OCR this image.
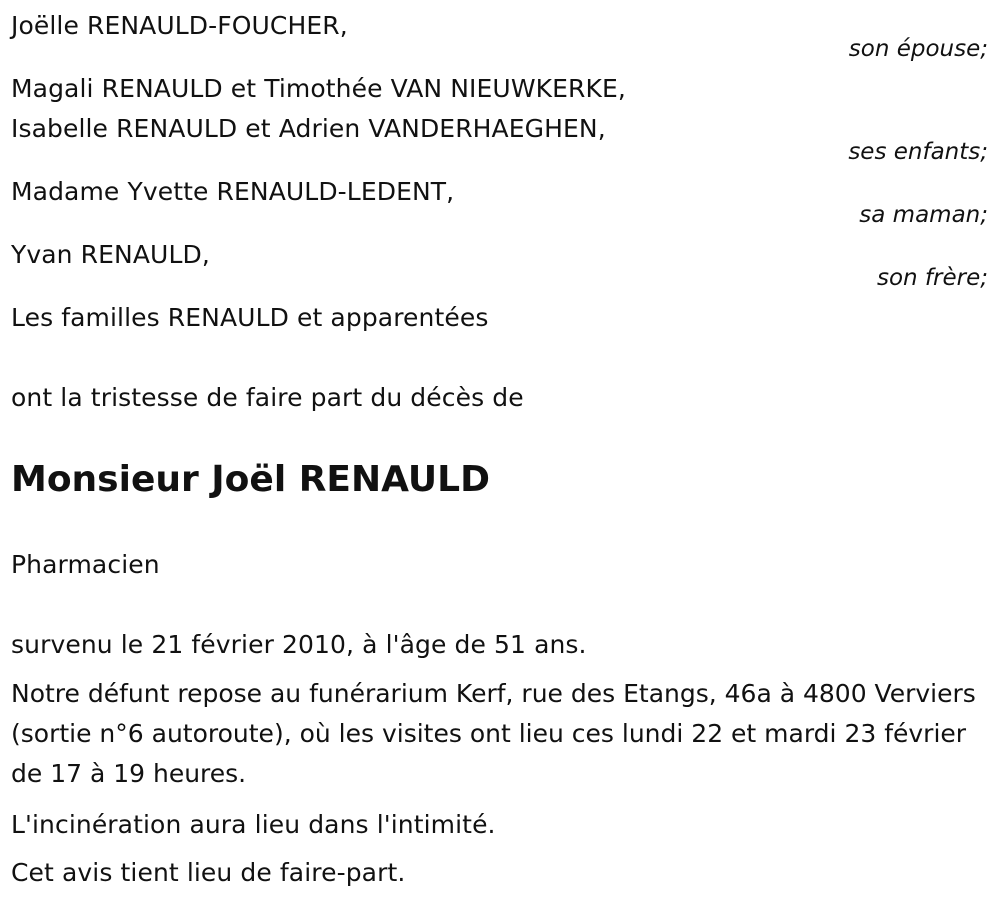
Joëlle RENAULD-FOUCHER,
son épouse;
Magali RENAULD et Timothée VAN NIEUWKERKE,
Isabelle RENAULD et Adrien VANDERHAEGHEN,
ses enfants;
Madame Yvette RENAULD-LEDENT,
sa maman;
Yvan RENAULD,
son frère;
Les familles RENAULD et apparentées
ont la tristesse de faire part du décès de
Monsieur Joël RENAULD
Pharmacien
survenu le 21 février 2010, à l'âge de 51 ans.
Notre défunt repose au funérarium Kerf, rue des Etangs, 46a à 4800 Verviers (sortie n°6 autoroute), où les visites ont lieu ces lundi 22 et mardi 23 février de 17 à 19 heures.
L'incinération aura lieu dans l'intimité.
Cet avis tient lieu de faire-part.
